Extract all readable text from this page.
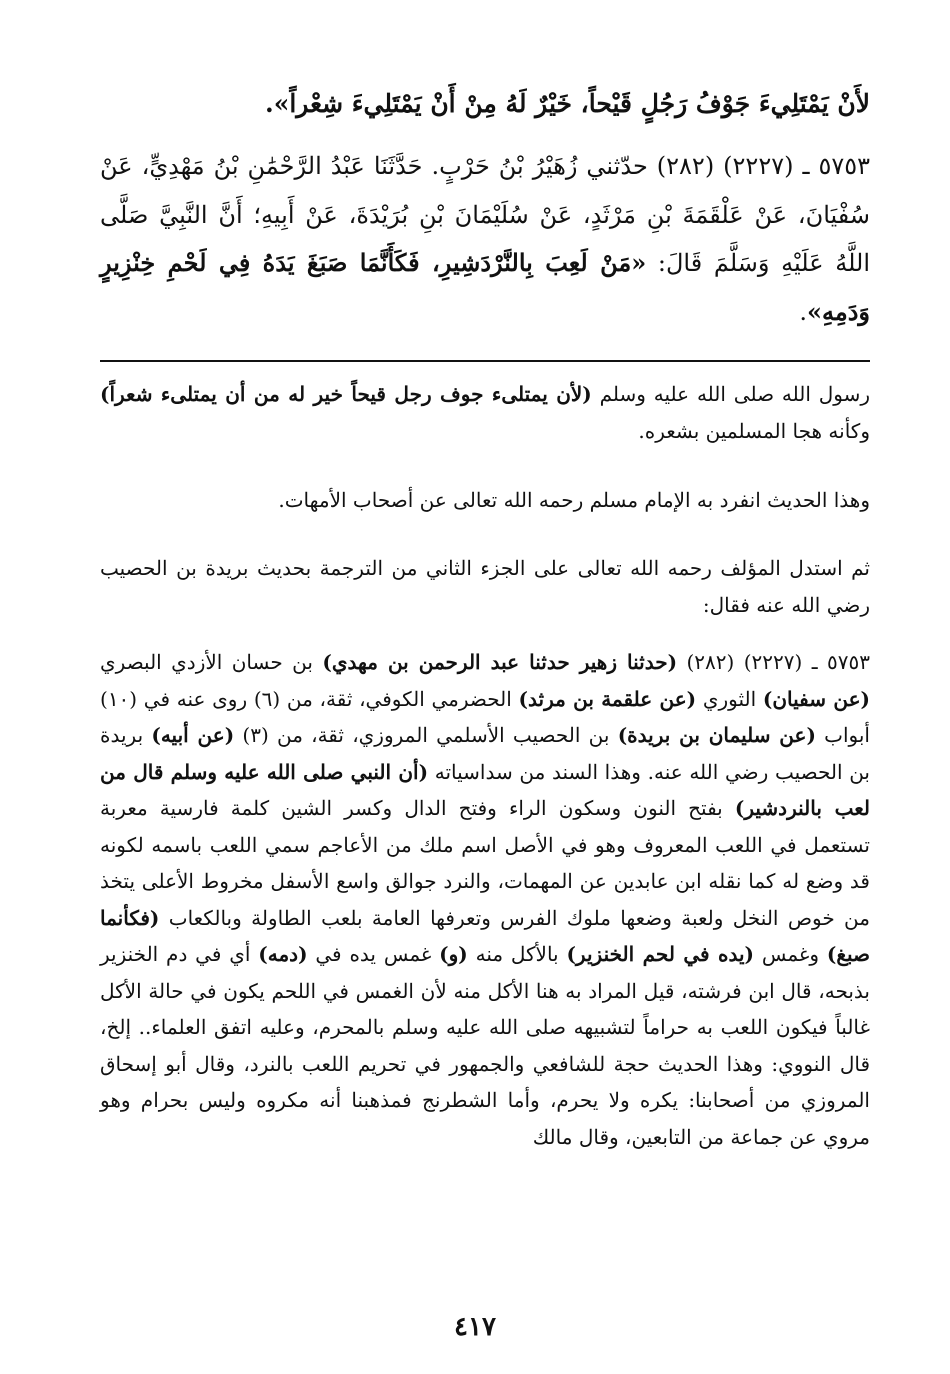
لأَنْ يَمْتَلِيءَ جَوْفُ رَجُلٍ قَيْحاً، خَيْرٌ لَهُ مِنْ أَنْ يَمْتَلِيءَ شِعْراً».

٥٧٥٣ ـ (٢٢٢٧) (٢٨٢) حدّثني زُهَيْرُ بْنُ حَرْبٍ. حَدَّثَنَا عَبْدُ الرَّحْمَٰنِ بْنُ مَهْدِيٍّ، عَنْ سُفْيَانَ، عَنْ عَلْقَمَةَ بْنِ مَرْثَدٍ، عَنْ سُلَيْمَانَ بْنِ بُرَيْدَةَ، عَنْ أَبِيهِ؛ أَنَّ النَّبِيَّ صَلَّى اللَّهُ عَلَيْهِ وَسَلَّمَ قَالَ: «مَنْ لَعِبَ بِالنَّرْدَشِيرِ، فَكَأَنَّمَا صَبَغَ يَدَهُ فِي لَحْمِ خِنْزِيرٍ وَدَمِهِ».

رسول الله صلى الله عليه وسلم (لأن يمتلىء جوف رجل قيحاً خير له من أن يمتلىء شعراً) وكأنه هجا المسلمين بشعره.

وهذا الحديث انفرد به الإمام مسلم رحمه الله تعالى عن أصحاب الأمهات.

ثم استدل المؤلف رحمه الله تعالى على الجزء الثاني من الترجمة بحديث بريدة بن الحصيب رضي الله عنه فقال:

٥٧٥٣ ـ (٢٢٢٧) (٢٨٢) (حدثنا زهير حدثنا عبد الرحمن بن مهدي) بن حسان الأزدي البصري (عن سفيان) الثوري (عن علقمة بن مرثد) الحضرمي الكوفي، ثقة، من (٦) روى عنه في (١٠) أبواب (عن سليمان بن بريدة) بن الحصيب الأسلمي المروزي، ثقة، من (٣) (عن أبيه) بريدة بن الحصيب رضي الله عنه. وهذا السند من سداسياته (أن النبي صلى الله عليه وسلم قال من لعب بالنردشير) بفتح النون وسكون الراء وفتح الدال وكسر الشين كلمة فارسية معربة تستعمل في اللعب المعروف وهو في الأصل اسم ملك من الأعاجم سمي اللعب باسمه لكونه قد وضع له كما نقله ابن عابدين عن المهمات، والنرد جوالق واسع الأسفل مخروط الأعلى يتخذ من خوص النخل ولعبة وضعها ملوك الفرس وتعرفها العامة بلعب الطاولة وبالكعاب (فكأنما صبغ) وغمس (يده في لحم الخنزير) بالأكل منه (و) غمس يده في (دمه) أي في دم الخنزير بذبحه، قال ابن فرشته، قيل المراد به هنا الأكل منه لأن الغمس في اللحم يكون في حالة الأكل غالباً فيكون اللعب به حراماً لتشبيهه صلى الله عليه وسلم بالمحرم، وعليه اتفق العلماء.. إلخ، قال النووي: وهذا الحديث حجة للشافعي والجمهور في تحريم اللعب بالنرد، وقال أبو إسحاق المروزي من أصحابنا: يكره ولا يحرم، وأما الشطرنج فمذهبنا أنه مكروه وليس بحرام وهو مروي عن جماعة من التابعين، وقال مالك

٤١٧
